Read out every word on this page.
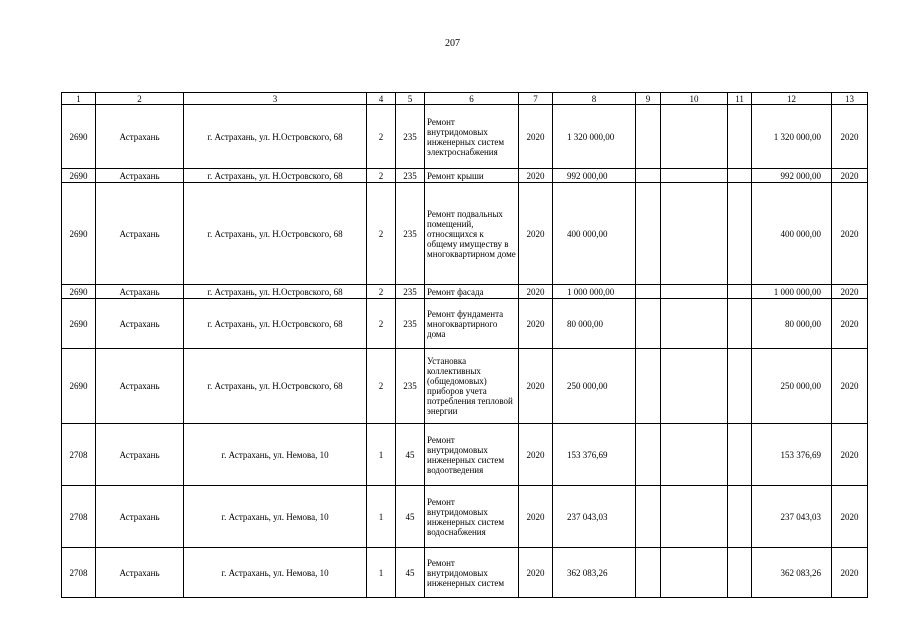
207
1	2	3	4	5	6	7	8	9	10	11	12	13
2690	Астрахань	г. Астрахань, ул. Н.Островского, 68	2	235	Ремонт внутридомовых инженерных систем электроснабжения	2020	1 320 000,00				1 320 000,00	2020
2690	Астрахань	г. Астрахань, ул. Н.Островского, 68	2	235	Ремонт крыши	2020	992 000,00				992 000,00	2020
2690	Астрахань	г. Астрахань, ул. Н.Островского, 68	2	235	Ремонт подвальных помещений, относящихся к общему имуществу в многоквартирном доме	2020	400 000,00				400 000,00	2020
2690	Астрахань	г. Астрахань, ул. Н.Островского, 68	2	235	Ремонт фасада	2020	1 000 000,00				1 000 000,00	2020
2690	Астрахань	г. Астрахань, ул. Н.Островского, 68	2	235	Ремонт фундамента многоквартирного дома	2020	80 000,00				80 000,00	2020
2690	Астрахань	г. Астрахань, ул. Н.Островского, 68	2	235	Установка коллективных (общедомовых) приборов учета потребления тепловой энергии	2020	250 000,00				250 000,00	2020
2708	Астрахань	г. Астрахань, ул. Немова, 10	1	45	Ремонт внутридомовых инженерных систем водоотведения	2020	153 376,69				153 376,69	2020
2708	Астрахань	г. Астрахань, ул. Немова, 10	1	45	Ремонт внутридомовых инженерных систем водоснабжения	2020	237 043,03				237 043,03	2020
2708	Астрахань	г. Астрахань, ул. Немова, 10	1	45	Ремонт внутридомовых инженерных систем	2020	362 083,26				362 083,26	2020
